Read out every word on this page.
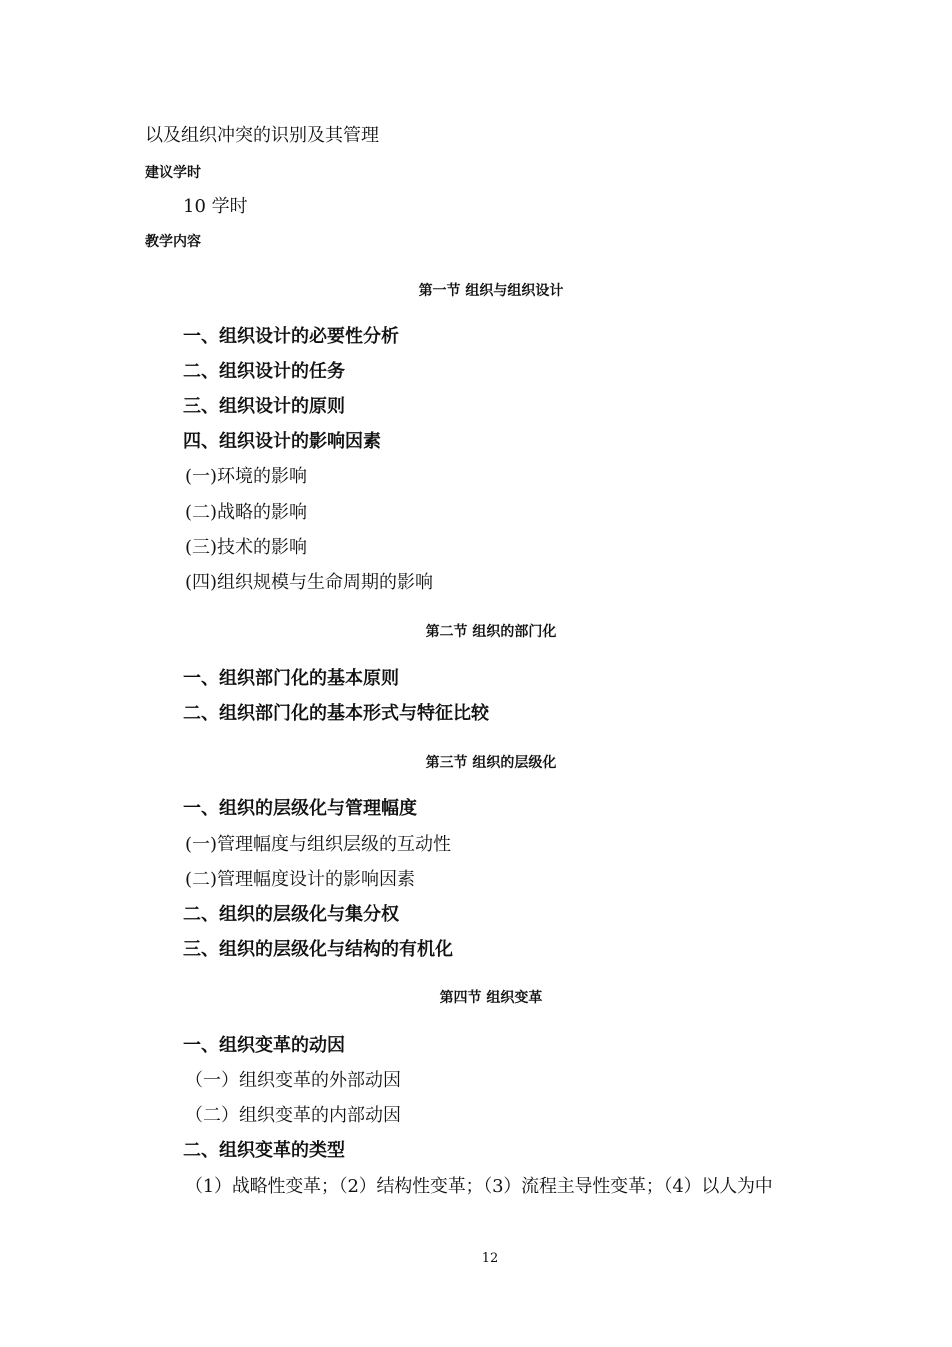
以及组织冲突的识别及其管理
建议学时
10 学时
教学内容
第一节 组织与组织设计
一、组织设计的必要性分析
二、组织设计的任务
三、组织设计的原则
四、组织设计的影响因素
(一)环境的影响
(二)战略的影响
(三)技术的影响
(四)组织规模与生命周期的影响
第二节 组织的部门化
一、组织部门化的基本原则
二、组织部门化的基本形式与特征比较
第三节 组织的层级化
一、组织的层级化与管理幅度
(一)管理幅度与组织层级的互动性
(二)管理幅度设计的影响因素
二、组织的层级化与集分权
三、组织的层级化与结构的有机化
第四节 组织变革
一、组织变革的动因
（一）组织变革的外部动因
（二）组织变革的内部动因
二、组织变革的类型
（1）战略性变革；（2）结构性变革；（3）流程主导性变革；（4）以人为中
12
